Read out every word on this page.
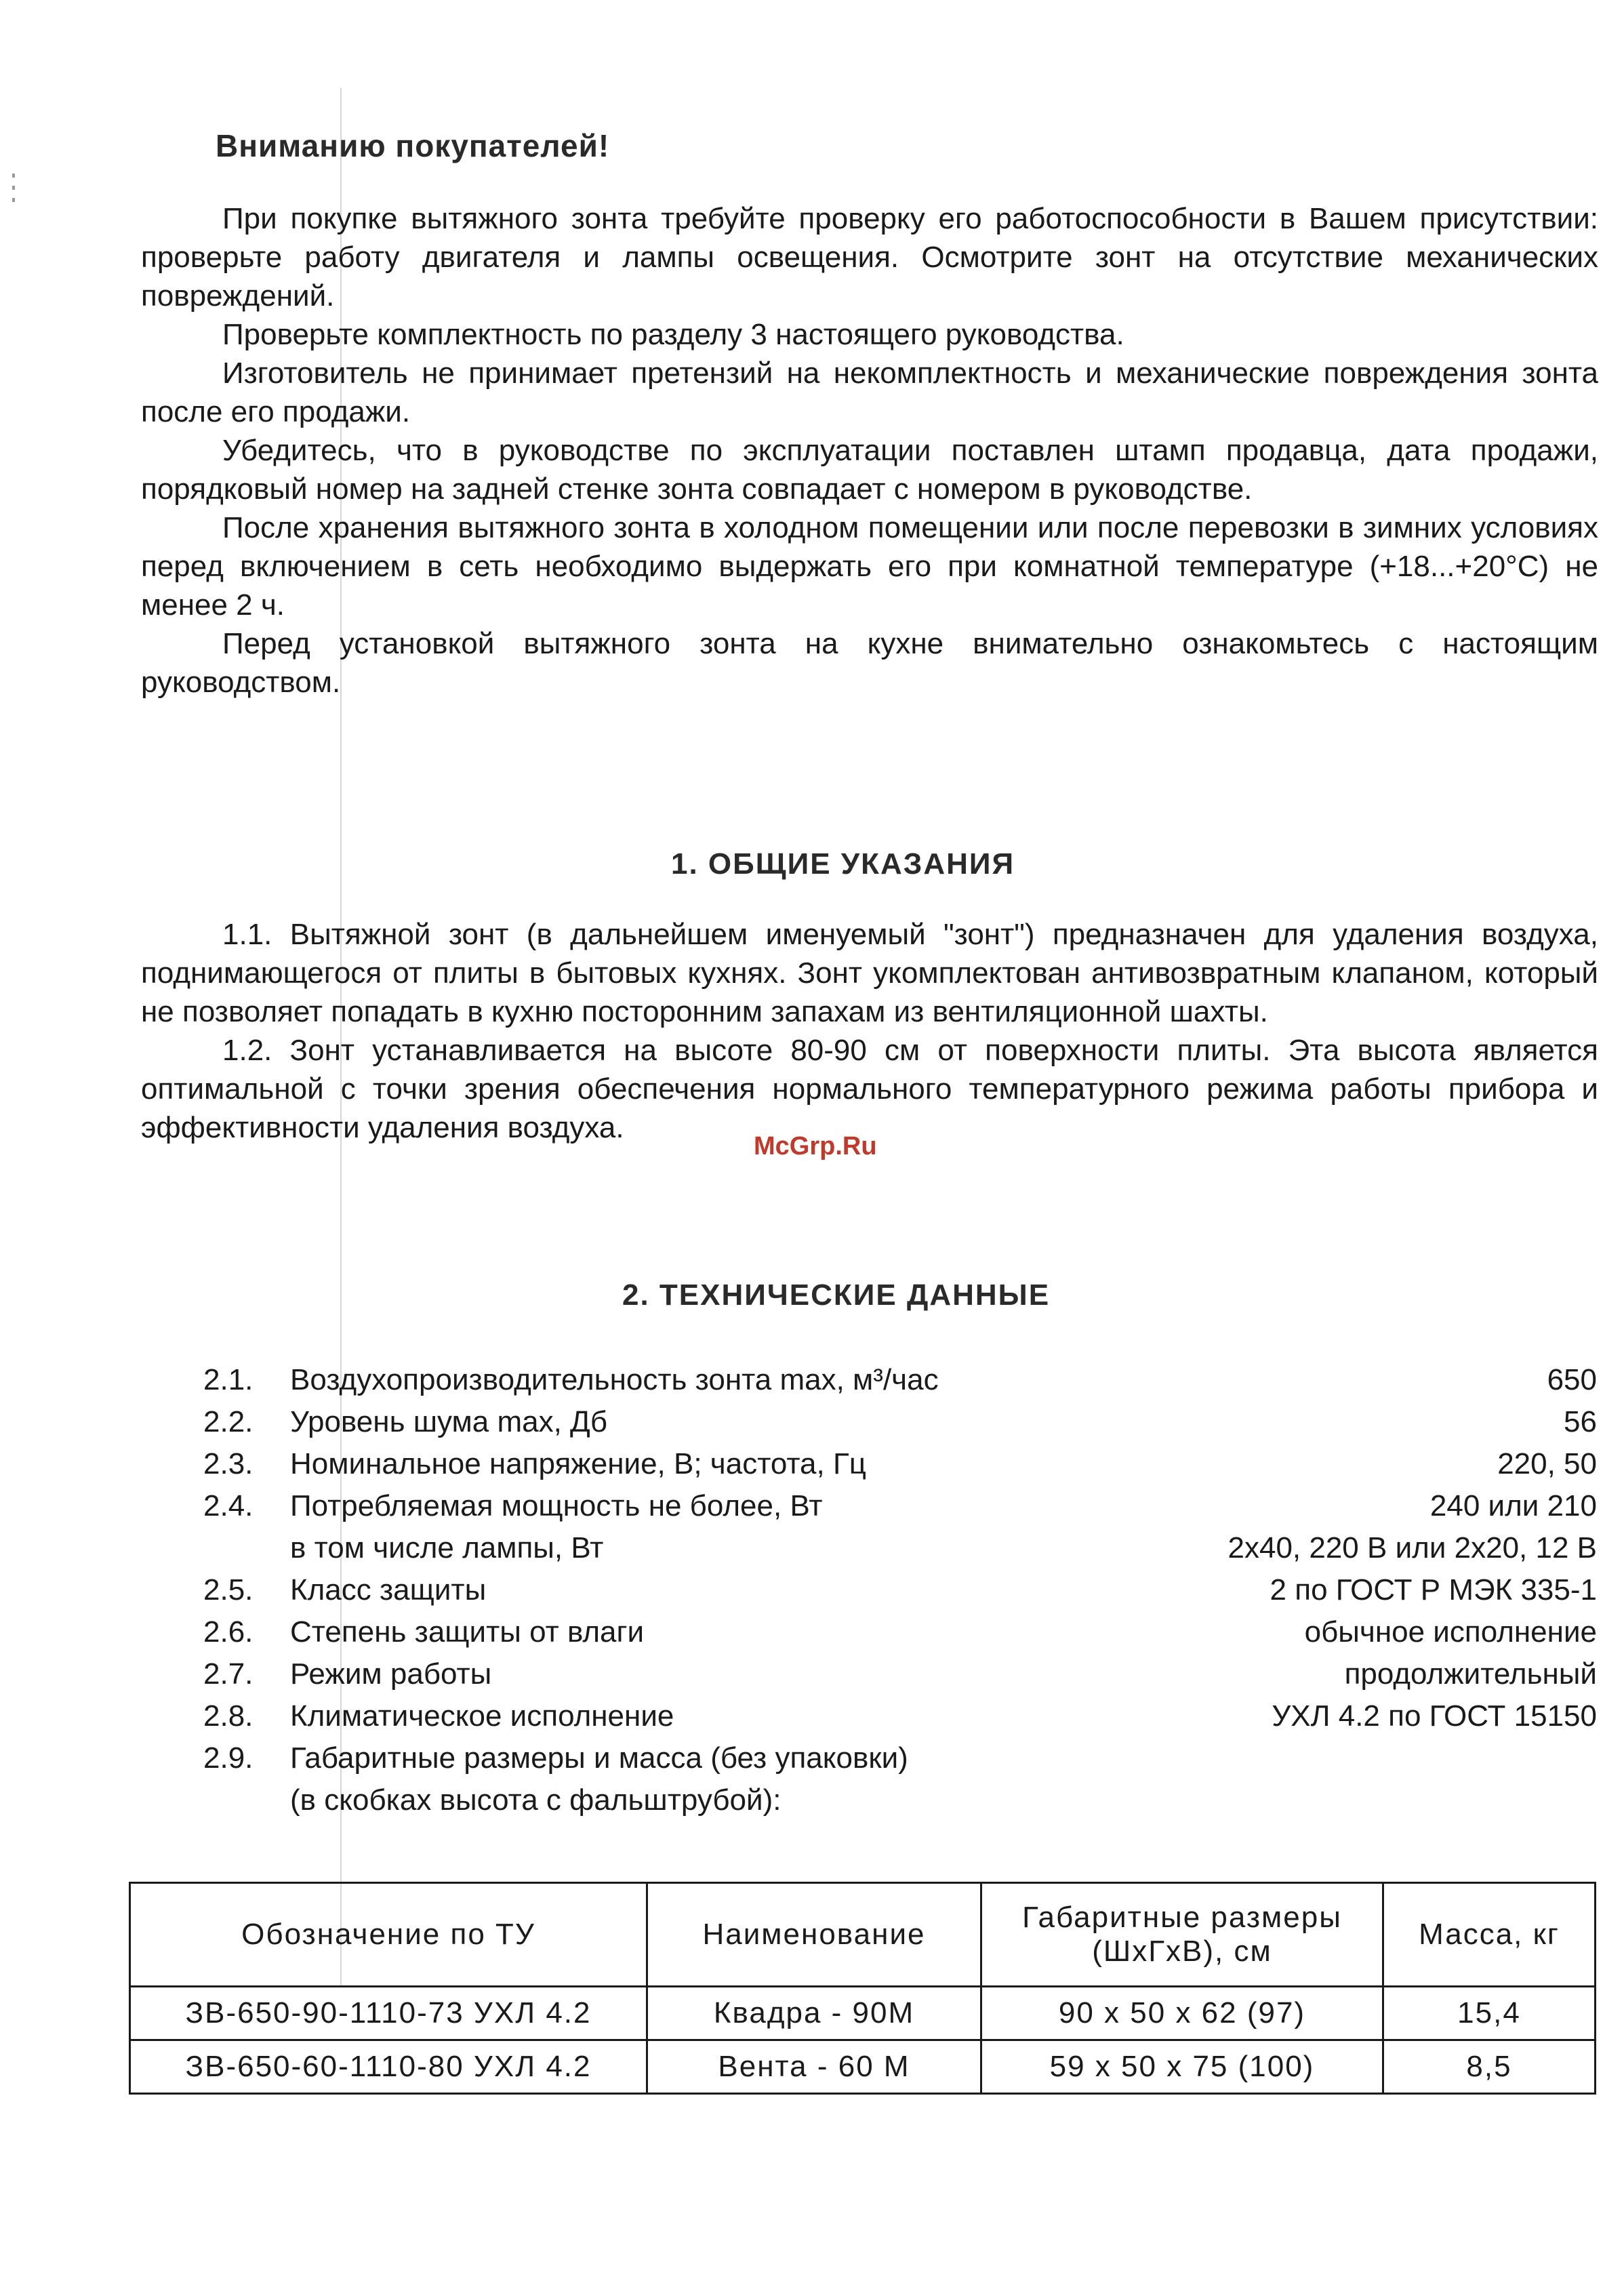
Вниманию покупателей!

При покупке вытяжного зонта требуйте проверку его работоспособности в Вашем присутствии: проверьте работу двигателя и лампы освещения. Осмотрите зонт на отсутствие механических повреждений.

Проверьте комплектность по разделу 3 настоящего руководства.

Изготовитель не принимает претензий на некомплектность и механические повреждения зонта после его продажи.

Убедитесь, что в руководстве по эксплуатации поставлен штамп продавца, дата продажи, порядковый номер на задней стенке зонта совпадает с номером в руководстве.

После хранения вытяжного зонта в холодном помещении или после перевозки в зимних условиях перед включением в сеть необходимо выдержать его при комнатной температуре (+18...+20°С) не менее 2 ч.

Перед установкой вытяжного зонта на кухне внимательно ознакомьтесь с настоящим руководством.

1. ОБЩИЕ УКАЗАНИЯ

1.1. Вытяжной зонт (в дальнейшем именуемый "зонт") предназначен для удаления воздуха, поднимающегося от плиты в бытовых кухнях. Зонт укомплектован антивозвратным клапаном, который не позволяет попадать в кухню посторонним запахам из вентиляционной шахты.

1.2. Зонт устанавливается на высоте 80-90 см от поверхности плиты. Эта высота является оптимальной с точки зрения обеспечения нормального температурного режима работы прибора и эффективности удаления воздуха.

McGrp.Ru
2. ТЕХНИЧЕСКИЕ ДАННЫЕ
2.1.	Воздухопроизводительность зонта max, м³/час	650
2.2.	Уровень шума max, Дб	56
2.3.	Номинальное напряжение, В; частота, Гц	220, 50
2.4.	Потребляемая мощность не более, Вт	240 или 210
в том числе лампы, Вт	2х40, 220 В или 2х20, 12 В
2.5.	Класс защиты	2 по ГОСТ Р МЭК 335-1
2.6.	Степень защиты от влаги	обычное исполнение
2.7.	Режим работы	продолжительный
2.8.	Климатическое исполнение	УХЛ 4.2 по ГОСТ 15150
2.9.	Габаритные размеры и масса (без упаковки)
(в скобках высота с фальштрубой):
Обозначение по ТУ	Наименование	Габаритные размеры (ШхГхВ), см	Масса, кг
ЗВ-650-90-1110-73 УХЛ 4.2	Квадра - 90М	90 х 50 х 62 (97)	15,4
ЗВ-650-60-1110-80 УХЛ 4.2	Вента - 60 М	59 х 50 х 75 (100)	8,5
